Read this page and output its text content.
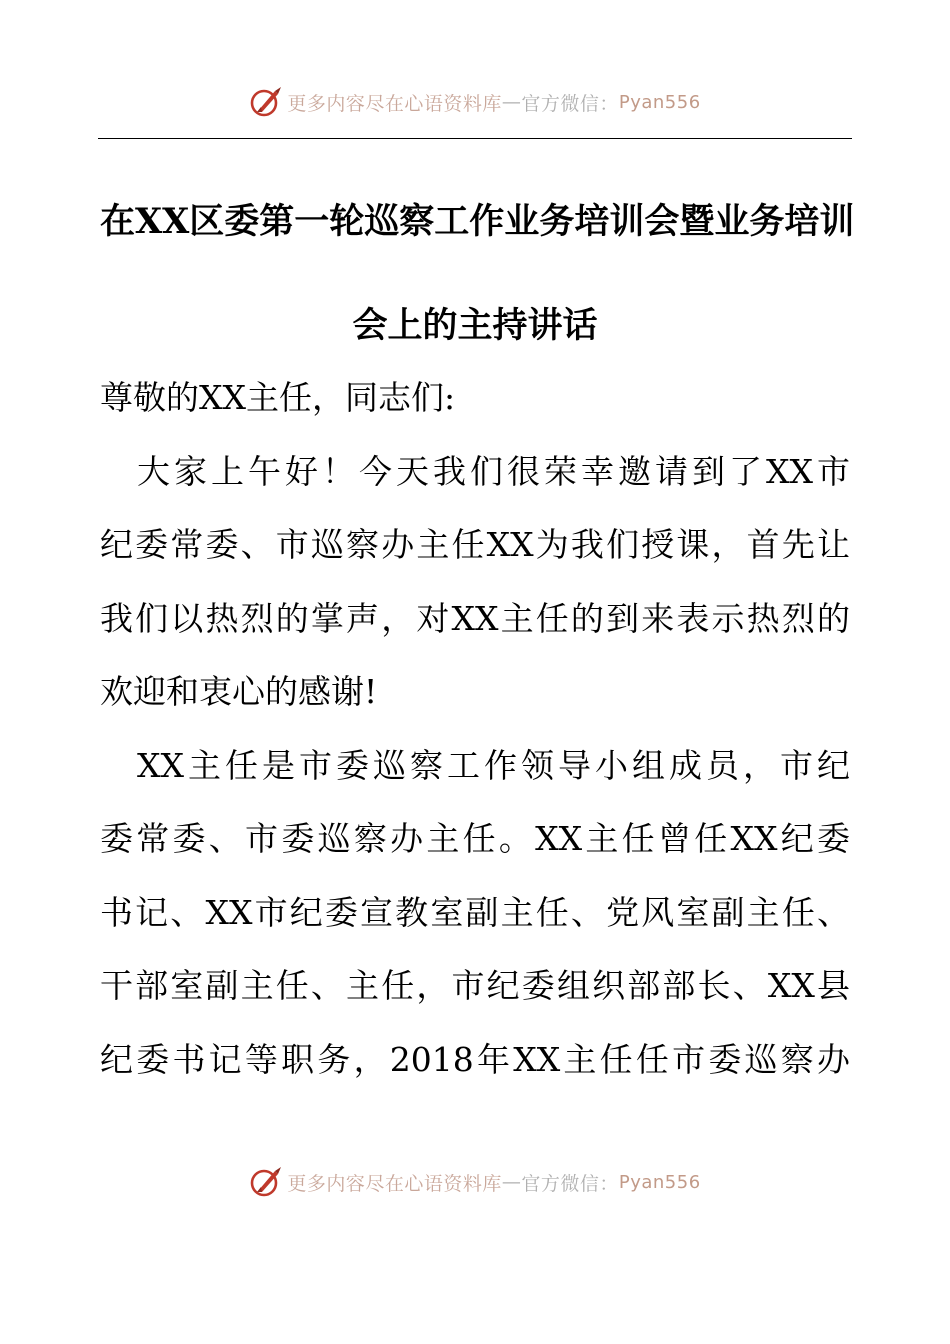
更多内容尽在心语资料库 — 官方微信： Pyan556
在XX区委第一轮巡察工作业务培训会暨业务培训
会上的主持讲话
尊敬的XX主任，同志们:
　大家上午好！今天我们很荣幸邀请到了XX市
纪委常委、市巡察办主任XX为我们授课，首先让
我们以热烈的掌声，对XX主任的到来表示热烈的
欢迎和衷心的感谢!
　XX主任是市委巡察工作领导小组成员，市纪
委常委、市委巡察办主任。XX主任曾任XX纪委
书记、XX市纪委宣教室副主任、党风室副主任、
干部室副主任、主任，市纪委组织部部长、XX县
纪委书记等职务，2018年XX主任任市委巡察办
更多内容尽在心语资料库 — 官方微信： Pyan556
